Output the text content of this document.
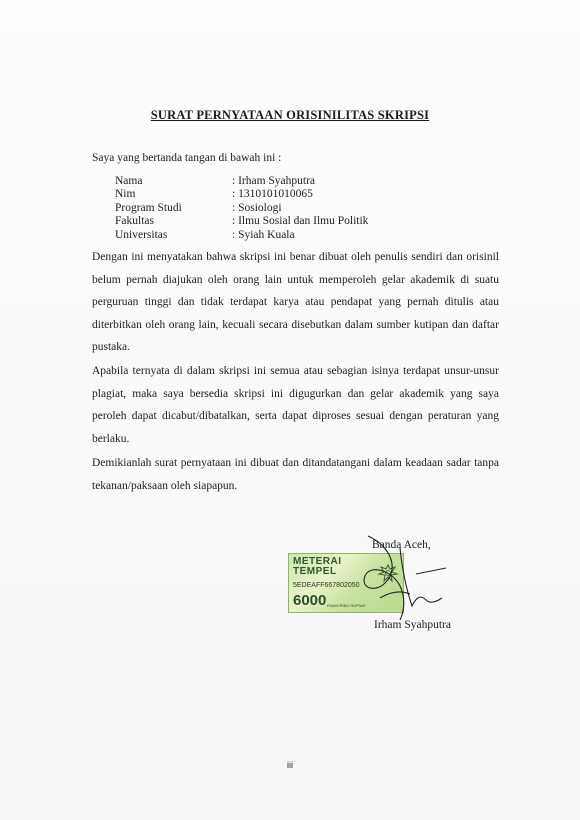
SURAT PERNYATAAN ORISINILITAS SKRIPSI
Saya yang bertanda tangan di bawah ini :
Nama	: Irham Syahputra
Nim	: 1310101010065
Program Studi	: Sosiologi
Fakultas	: Ilmu Sosial dan Ilmu Politik
Universitas	: Syiah Kuala

Dengan ini menyatakan bahwa skripsi ini benar dibuat oleh penulis sendiri dan orisinil belum pernah diajukan oleh orang lain untuk memperoleh gelar akademik di suatu perguruan tinggi dan tidak terdapat karya atau pendapat yang pernah ditulis atau diterbitkan oleh orang lain, kecuali secara disebutkan dalam sumber kutipan dan daftar pustaka.

Apabila ternyata di dalam skripsi ini semua atau sebagian isinya terdapat unsur-unsur plagiat, maka saya bersedia skripsi ini digugurkan dan gelar akademik yang saya peroleh dapat dicabut/dibatalkan, serta dapat diproses sesuai dengan peraturan yang berlaku.

Demikianlah surat pernyataan ini dibuat dan ditandatangani dalam keadaan sadar tanpa tekanan/paksaan oleh siapapun.

Banda Aceh,
METERAI
TEMPEL
5EDEAFF667802050
6000 ENAM RIBU RUPIAH
Irham Syahputra
iii
